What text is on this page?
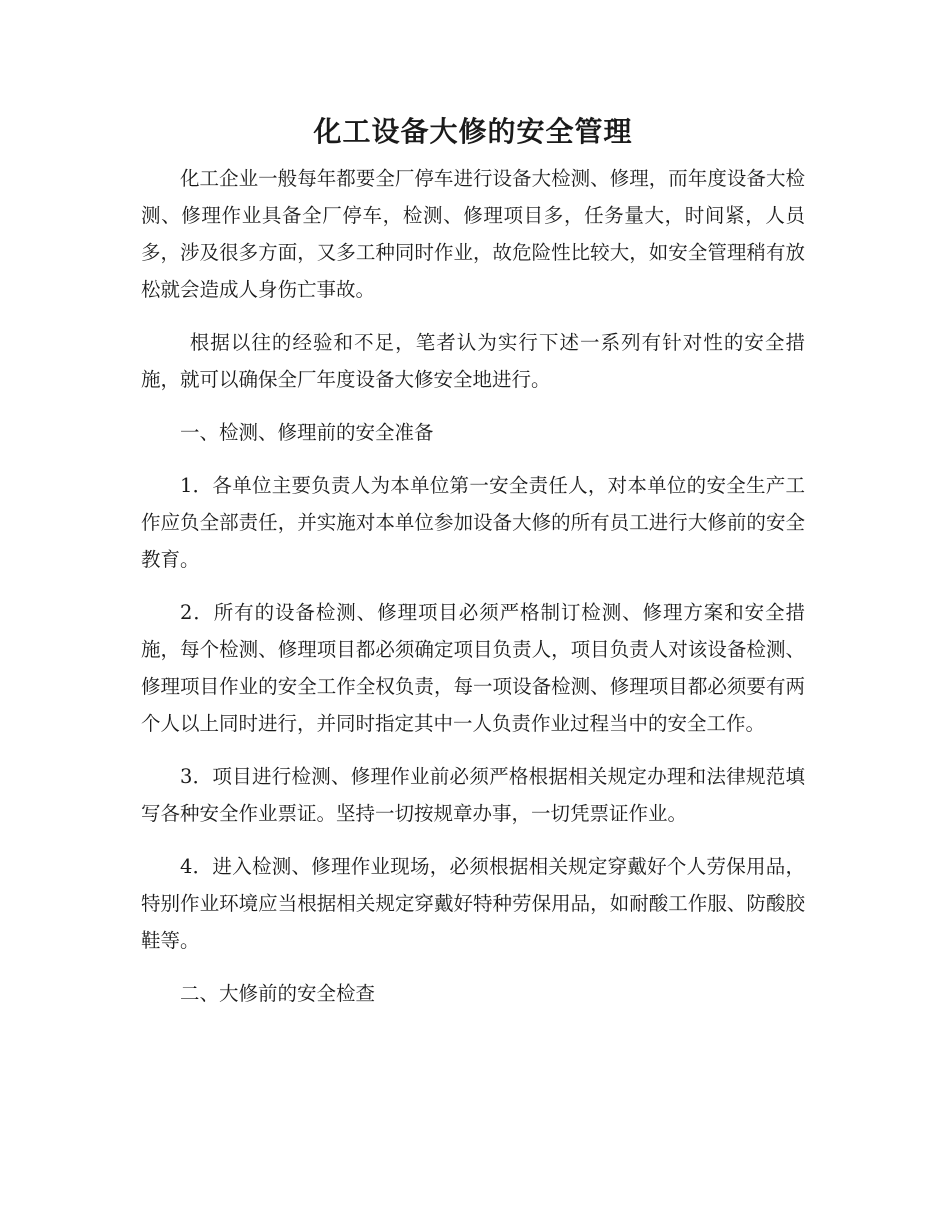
化工设备大修的安全管理

化工企业一般每年都要全厂停车进行设备大检测、修理，而年度设备大检测、修理作业具备全厂停车，检测、修理项目多，任务量大，时间紧，人员多，涉及很多方面，又多工种同时作业，故危险性比较大，如安全管理稍有放松就会造成人身伤亡事故。

根据以往的经验和不足，笔者认为实行下述一系列有针对性的安全措施，就可以确保全厂年度设备大修安全地进行。

一、检测、修理前的安全准备

1．各单位主要负责人为本单位第一安全责任人，对本单位的安全生产工作应负全部责任，并实施对本单位参加设备大修的所有员工进行大修前的安全教育。

2．所有的设备检测、修理项目必须严格制订检测、修理方案和安全措施，每个检测、修理项目都必须确定项目负责人，项目负责人对该设备检测、修理项目作业的安全工作全权负责，每一项设备检测、修理项目都必须要有两个人以上同时进行，并同时指定其中一人负责作业过程当中的安全工作。

3．项目进行检测、修理作业前必须严格根据相关规定办理和法律规范填写各种安全作业票证。坚持一切按规章办事，一切凭票证作业。

4．进入检测、修理作业现场，必须根据相关规定穿戴好个人劳保用品，特别作业环境应当根据相关规定穿戴好特种劳保用品，如耐酸工作服、防酸胶鞋等。

二、大修前的安全检查
